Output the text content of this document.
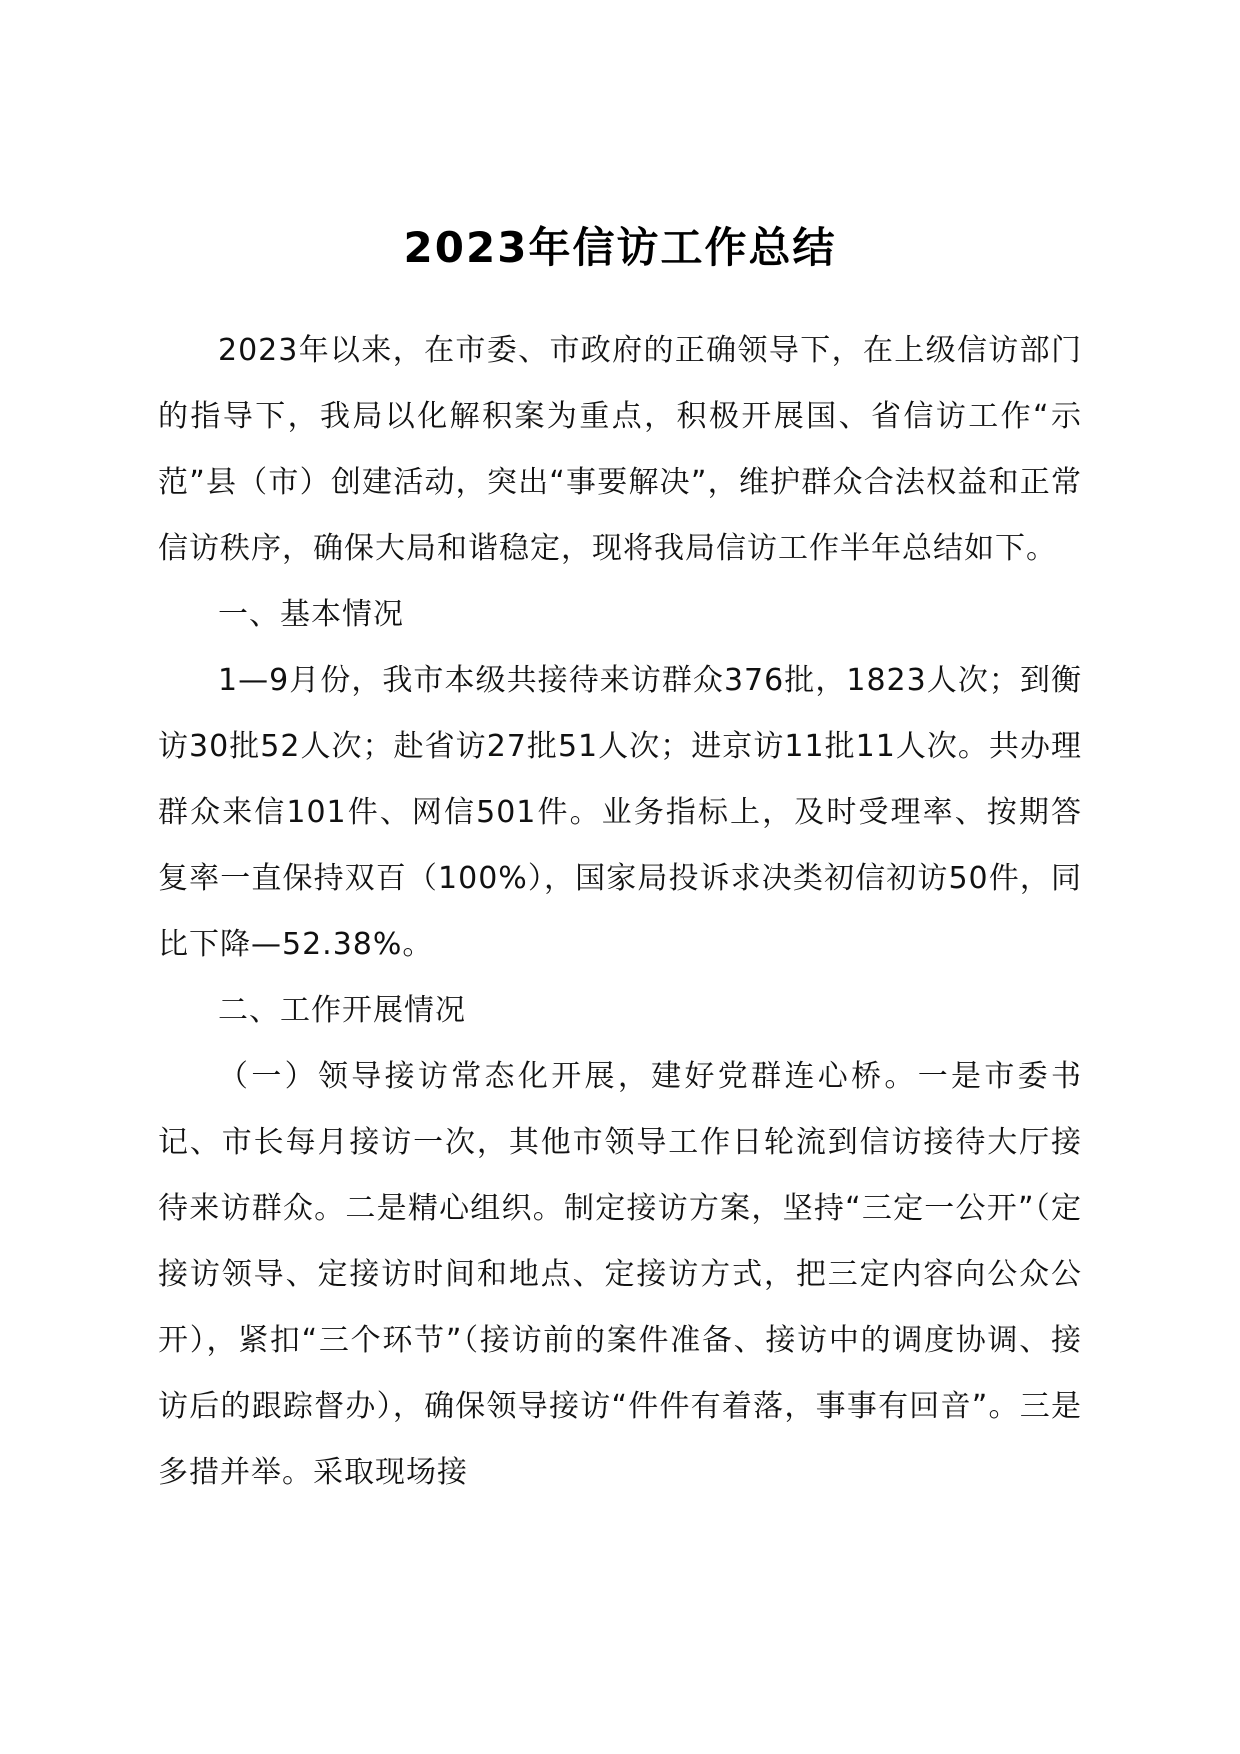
2023年信访工作总结

2023年以来，在市委、市政府的正确领导下，在上级信访部门的指导下，我局以化解积案为重点，积极开展国、省信访工作“示范”县（市）创建活动，突出“事要解决”，维护群众合法权益和正常信访秩序，确保大局和谐稳定，现将我局信访工作半年总结如下。

一、基本情况

1—9月份，我市本级共接待来访群众376批，1823人次；到衡访30批52人次；赴省访27批51人次；进京访11批11人次。共办理群众来信101件、网信501件。业务指标上，及时受理率、按期答复率一直保持双百（100%），国家局投诉求决类初信初访50件，同比下降—52.38%。

二、工作开展情况

（一）领导接访常态化开展，建好党群连心桥。一是市委书记、市长每月接访一次，其他市领导工作日轮流到信访接待大厅接待来访群众。二是精心组织。制定接访方案，坚持“三定一公开”（定接访领导、定接访时间和地点、定接访方式，把三定内容向公众公开），紧扣“三个环节”（接访前的案件准备、接访中的调度协调、接访后的跟踪督办），确保领导接访“件件有着落，事事有回音”。三是多措并举。采取现场接
